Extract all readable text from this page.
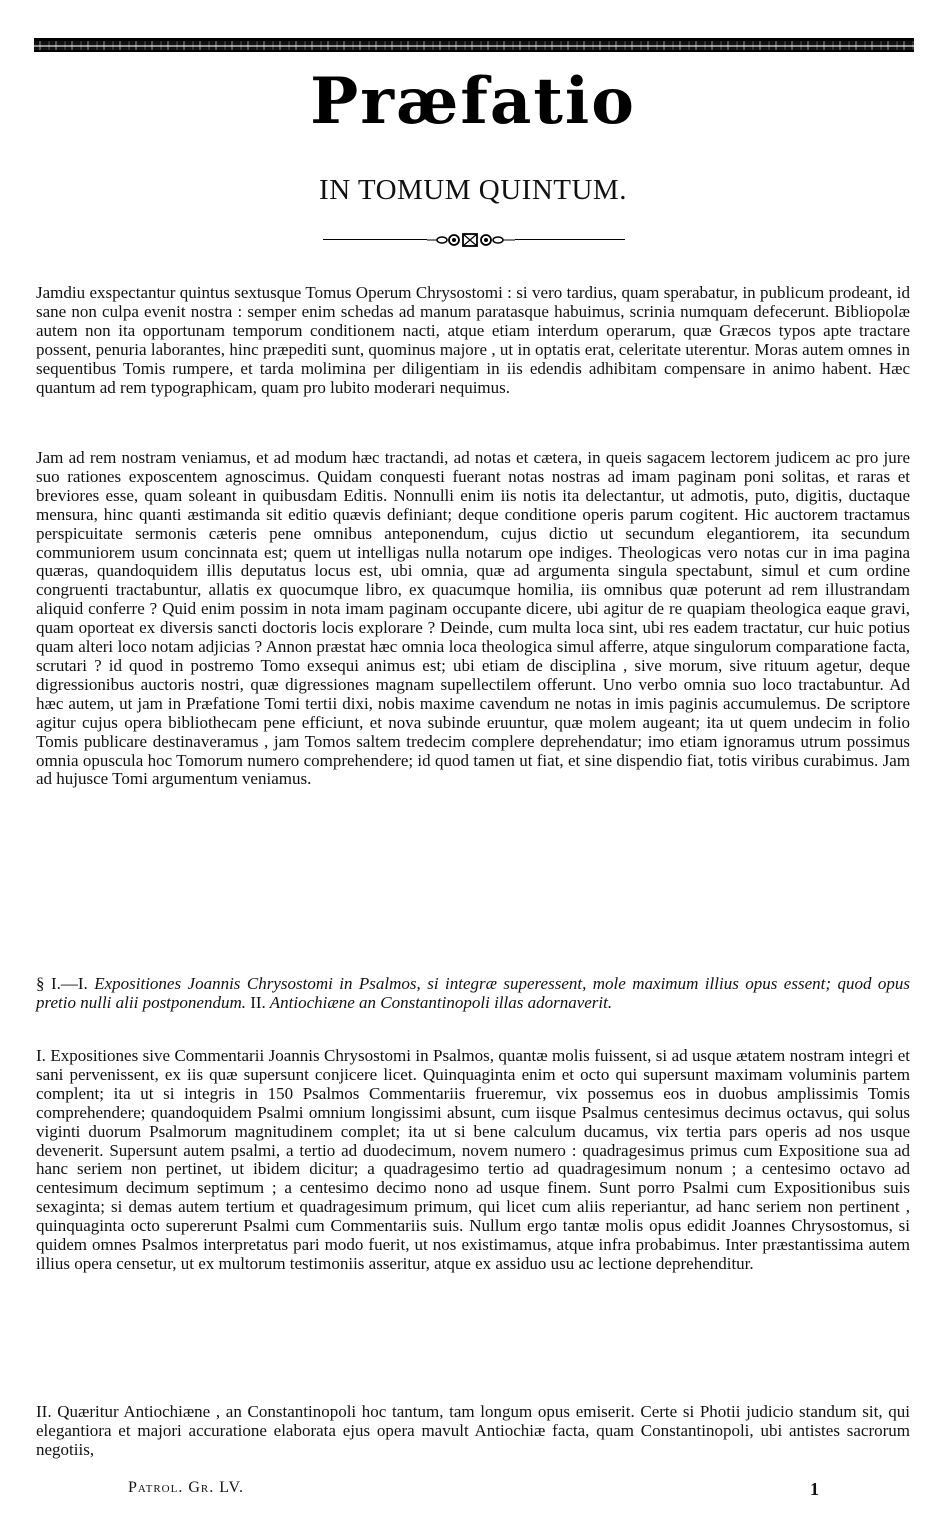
Præfatio
IN TOMUM QUINTUM.

Jamdiu exspectantur quintus sextusque Tomus Operum Chrysostomi : si vero tardius, quam sperabatur, in publicum prodeant, id sane non culpa evenit nostra : semper enim schedas ad manum paratasque habuimus, scrinia numquam defecerunt. Bibliopolæ autem non ita opportunam temporum conditionem nacti, atque etiam interdum operarum, quæ Græcos typos apte tractare possent, penuria laborantes, hinc præpediti sunt, quominus majore , ut in optatis erat, celeritate uterentur. Moras autem omnes in sequentibus Tomis rumpere, et tarda molimina per diligentiam in iis edendis adhibitam compensare in animo habent. Hæc quantum ad rem typographicam, quam pro lubito moderari nequimus.

Jam ad rem nostram veniamus, et ad modum hæc tractandi, ad notas et cætera, in queis sagacem lectorem judicem ac pro jure suo rationes exposcentem agnoscimus. Quidam conquesti fuerant notas nostras ad imam paginam poni solitas, et raras et breviores esse, quam soleant in quibusdam Editis. Nonnulli enim iis notis ita delectantur, ut admotis, puto, digitis, ductaque mensura, hinc quanti æstimanda sit editio quævis definiant; deque conditione operis parum cogitent. Hic auctorem tractamus perspicuitate sermonis cæteris pene omnibus anteponendum, cujus dictio ut secundum elegantiorem, ita secundum communiorem usum concinnata est; quem ut intelligas nulla notarum ope indiges. Theologicas vero notas cur in ima pagina quæras, quandoquidem illis deputatus locus est, ubi omnia, quæ ad argumenta singula spectabunt, simul et cum ordine congruenti tractabuntur, allatis ex quocumque libro, ex quacumque homilia, iis omnibus quæ poterunt ad rem illustrandam aliquid conferre ? Quid enim possim in nota imam paginam occupante dicere, ubi agitur de re quapiam theologica eaque gravi, quam oporteat ex diversis sancti doctoris locis explorare ? Deinde, cum multa loca sint, ubi res eadem tractatur, cur huic potius quam alteri loco notam adjicias ? Annon præstat hæc omnia loca theologica simul afferre, atque singulorum comparatione facta, scrutari ? id quod in postremo Tomo exsequi animus est; ubi etiam de disciplina , sive morum, sive rituum agetur, deque digressionibus auctoris nostri, quæ digressiones magnam supellectilem offerunt. Uno verbo omnia suo loco tractabuntur. Ad hæc autem, ut jam in Præfatione Tomi tertii dixi, nobis maxime cavendum ne notas in imis paginis accumulemus. De scriptore agitur cujus opera bibliothecam pene efficiunt, et nova subinde eruuntur, quæ molem augeant; ita ut quem undecim in folio Tomis publicare destinaveramus , jam Tomos saltem tredecim complere deprehendatur; imo etiam ignoramus utrum possimus omnia opuscula hoc Tomorum numero comprehendere; id quod tamen ut fiat, et sine dispendio fiat, totis viribus curabimus. Jam ad hujusce Tomi argumentum veniamus.

§ I.—I. Expositiones Joannis Chrysostomi in Psalmos, si integræ superessent, mole maximum illius opus essent; quod opus pretio nulli alii postponendum. II. Antiochiæne an Constantinopoli illas adornaverit.

I. Expositiones sive Commentarii Joannis Chrysostomi in Psalmos, quantæ molis fuissent, si ad usque ætatem nostram integri et sani pervenissent, ex iis quæ supersunt conjicere licet. Quinquaginta enim et octo qui supersunt maximam voluminis partem complent; ita ut si integris in 150 Psalmos Commentariis frueremur, vix possemus eos in duobus amplissimis Tomis comprehendere; quandoquidem Psalmi omnium longissimi absunt, cum iisque Psalmus centesimus decimus octavus, qui solus viginti duorum Psalmorum magnitudinem complet; ita ut si bene calculum ducamus, vix tertia pars operis ad nos usque devenerit. Supersunt autem psalmi, a tertio ad duodecimum, novem numero : quadragesimus primus cum Expositione sua ad hanc seriem non pertinet, ut ibidem dicitur; a quadragesimo tertio ad quadragesimum nonum ; a centesimo octavo ad centesimum decimum septimum ; a centesimo decimo nono ad usque finem. Sunt porro Psalmi cum Expositionibus suis sexaginta; si demas autem tertium et quadragesimum primum, qui licet cum aliis reperiantur, ad hanc seriem non pertinent , quinquaginta octo supererunt Psalmi cum Commentariis suis. Nullum ergo tantæ molis opus edidit Joannes Chrysostomus, si quidem omnes Psalmos interpretatus pari modo fuerit, ut nos existimamus, atque infra probabimus. Inter præstantissima autem illius opera censetur, ut ex multorum testimoniis asseritur, atque ex assiduo usu ac lectione deprehenditur.

II. Quæritur Antiochiæne , an Constantinopoli hoc tantum, tam longum opus emiserit. Certe si Photii judicio standum sit, qui elegantiora et majori accuratione elaborata ejus opera mavult Antiochiæ facta, quam Constantinopoli, ubi antistes sacrorum negotiis,

Patrol. Gr. LV.	1
